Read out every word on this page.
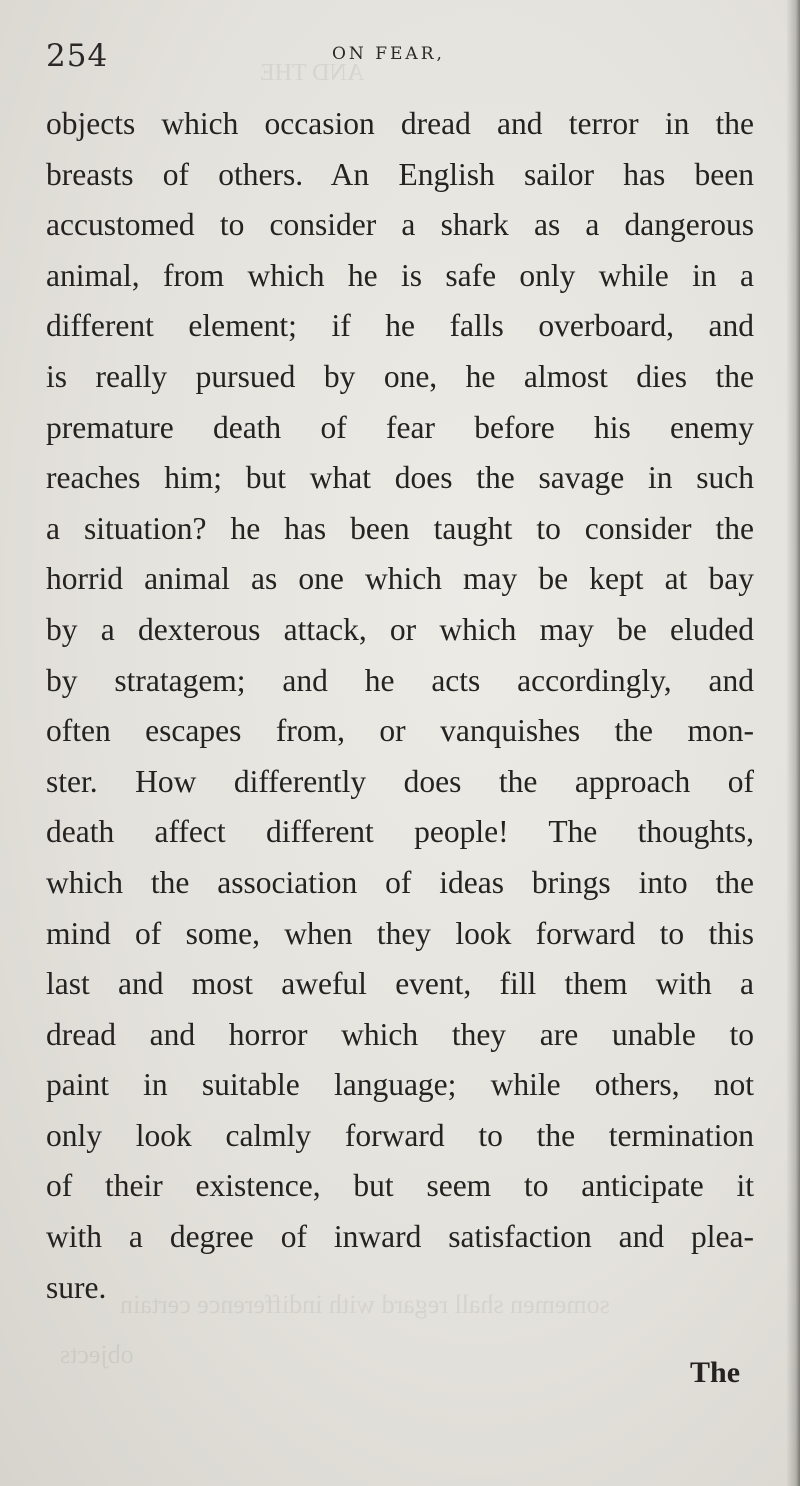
AND THE
somemen shall regard with indifference certain
objects
254	ON FEAR,
objects which occasion dread and terror in the
breasts of others. An English sailor has been
accustomed to consider a shark as a dangerous
animal, from which he is safe only while in a
different element; if he falls overboard, and
is really pursued by one, he almost dies the
premature death of fear before his enemy
reaches him; but what does the savage in such
a situation? he has been taught to consider the
horrid animal as one which may be kept at bay
by a dexterous attack, or which may be eluded
by stratagem; and he acts accordingly, and
often escapes from, or vanquishes the mon-
ster. How differently does the approach of
death affect different people! The thoughts,
which the association of ideas brings into the
mind of some, when they look forward to this
last and most aweful event, fill them with a
dread and horror which they are unable to
paint in suitable language; while others, not
only look calmly forward to the termination
of their existence, but seem to anticipate it
with a degree of inward satisfaction and plea-
sure.
The
